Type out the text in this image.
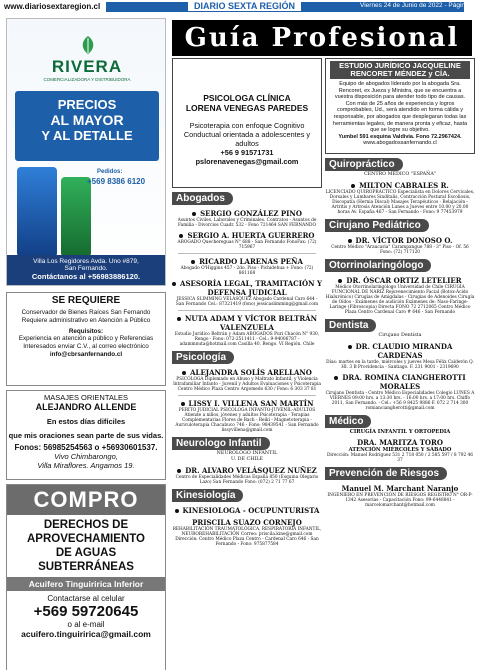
www.diariosextaregion.cl	DIARIO SEXTA REGIÓN	Viernes 24 de Junio de 2022 - Página 11
RIVERA
COMERCIALIZADORA Y DISTRIBUIDORA
PRECIOS
AL MAYOR
Y AL DETALLE
Pedidos:
+569 8386 6120
Villa Los Regidores Avda. Uno #879,
San Fernando.
Contáctanos al +56983886120.
SE REQUIERE
Conservador de Bienes Raíces San Fernando Requiere administrativo en Atención a Público
Requisitos:
Experiencia en atención a público y Referencias Interesados enviar C.V., al correo electrónico
info@cbrsanfernando.cl
MASAJES ORIENTALES
ALEJANDRO ALLENDE
En estos días difíciles
que mis oraciones sean parte de sus vidas.
Fonos: 56985254563 o +56930601537.
Vivo Chimbarongo,
Villa Miraflores. Angamos 19.
COMPRO
DERECHOS DE
APROVECHAMIENTO
DE AGUAS
SUBTERRÁNEAS
Acuifero Tinguiririca Inferior
Contactarse al celular
+569 59720645
o al e-mail
acuifero.tinguiririca@gmail.com
Guía Profesional
PSICOLOGA CLÍNICA
LORENA VENEGAS PAREDES
Psicoterapia con enfoque Cognitivo Conductual orientada a adolescentes y adultos
+56 9 91571731
pslorenavenegas@gmail.com
Abogados
SERGIO GONZÁLEZ PINO
Asuntos Civiles, Laborales y Criminales. Contratos - Asuntos de Familia - Divorcios Cuadr. 532 - Fono 721464 SAN FERNANDO
SERGIO A. HUERTA GUERRERO
ABOGADO Quechereguas N° 688 - San Fernando FonoFax: (72) 715967
RICARDO LARENAS PEÑA
Abogado O'Higgins 457 - 2do. Piso - Pichidehua + Fono: (72) 861168
ASESORÍA LEGAL, TRAMITACIÓN Y DEFENSA JUDICIAL
JESSICA SLIMMING VELÁSQUEZ Abogado Cardenal Caro 644 - San Fernando Cel.: 87321419 (fono) jessicaslimming@gmail.com
NUTA ADAM Y VÍCTOR BELTRÁN VALENZUELA
Estudio Jurídico Beltrán y Adam ABOGADOS Puri Chacón N° 930, Rengo - Fono: 072-2511411 - Cel.: 9-94006787 - adammnuta@hotmail.com Casilla 40. Rengo. VI Región. Chile
Psicología
ALEJANDRA SOLÍS ARELLANO
PSICÓLOGA Diplomado en Abuso y Maltrato Infantil, y Violencia Intrafamiliar Infanto - Juvenil y Adultos Evaluaciones y Psicoterapia Centro Médico Plaza Centro Argomedo 630 / Fono: 6 303 37 81
LISSY I. VILLENA SAN MARTÍN
PERITO JUDICIAL PSICOLOGA INFANTO-JUVENIL-ADULTOS Atiende a niños, jóvenes y adultos Psicoterapia - Terapias Complementarias Flores de Bach - Reiki - Magnetoterapia - Auriculoterapia Chacabuco 746 - Fono: 98439541 - San Fernando lissyvillena@gmail.com
Neurologo Infantil
NEUROLOGO INFANTIL
U. DE CHILE
DR. ALVARO VELÁSQUEZ NUÑEZ
Centro de Especialidades Médicas España 850 (Esquina Olegario Lazo) San Fernando Fono: (072) 2 71 77 67
Kinesiología
KINESIOLOGA - OCUPUNTURISTA
PRISCILA SUAZO CORNEJO
REHABILITACIÓN TRAUMATOLÓGICA, RESPIRATORIA INFANTIL, NEUROREHABILITACIÓN Correo: priscila.kine@gmail.com Dirección: Centro Médico Plaza Centro - Cardenal Caro 646 - San Fernando - Fono: 975877584
ESTUDIO JURÍDICO JACQUELINE RENCORET MÉNDEZ y CÍA.
Equipo de abogados liderado por la abogada Sra. Rencoret, ex Jueza y Ministra, que se encuentra a vuestra disposición para atender todo tipo de causas. Con más de 25 años de experiencia y logros comprobables, Ud., será atendido en forma cálida y responsable, por abogados que desplegaran todas las herramientas legales, de manera pronta y eficaz, hasta que se logre su objetivo.
Yumbel 591 esquina Valdivia. Fono 72.2967424.
www.abogadossanfernando.cl
Quiropráctico
CENTRO MÉDICO "ESPAÑA"
MILTON CABRALES R.
LICENCIADO QUIROPRÁCTICO Especialista en Dolores Cervicales, Dorsales y Lumbares Sinditalis, Contracción Postural Escoliosis, Discopatía (Hernia Discal) Masajes Terapéuticos - Relajación - Artritis y Artrosis Atención Lunes a Jueves entre 10.00 y 20.00 horas Av. España 467 - San Fernando - Fono: 9 77453979
Cirujano Pediátrico
DR. VÍCTOR DONOSO O.
Centro Médico "Araucaria" Carampangue 788 - 3° Piso - Of. 56 Fono: (72) 717120
Otorrinolaringólogo
DR. ÓSCAR ORTIZ LETELIER
Médico Otorrinolaringólogo Universidad de Chile CIRUGÍA FUNCIONAL DE NARIZ Rejuvenecimiento Facial (Botox-Ácido Hialurónico) Cirugías de Amígdalas - Cirugías de Adenoides Cirugía de Oídos - Exámenes de audición Exámenes de: Naso-Faringe-Laringe (Fibroscopia) Directa FONO 72 2712065 Centro Médico Plaza Centro Cardenal Caro # 646 - San Fernando
Dentista
Cirujano Dentista
DR. CLAUDIO MIRANDA CARDENAS
Días: martes en la tarde, miércoles y jueves Mesa Félix Calderón Q. HI. 3 B Providencia - Santiago. F. 231 9001 - 2319690
DRA. ROMINA CIANGHEROTTI MORALES
Cirujano Dentista - Centro Médico Especialidades Colegio LUNES A VIERNES 09:00 hrs. a 13:30 hrs. - 16:00 hrs. a 17:00 hrs. Chiffo 2011, San Fernando. - Cel.: +56 9 8425 9886 F. 072 2 714 300 romianciangherotti@gmail.com
Médico
CIRUGÍA INFANTIL Y ORTOPEDIA
DRA. MARITZA TORO
ATENCIÓN MIÉRCOLES Y SÁBADO
Dirección: Manuel Rodríguez 531 2 718 050 / 2 585 597 / 8 792 46 37
Prevención de Riesgos
Manuel M. Marchant Naranjo
INGENIERO EN PREVENCIÓN DE RIESGOS REGISTRO N° OR-P-1342 Asesorías - Capacitación Fono: 99-6448841 - marcelomarchant@hotmail.com
